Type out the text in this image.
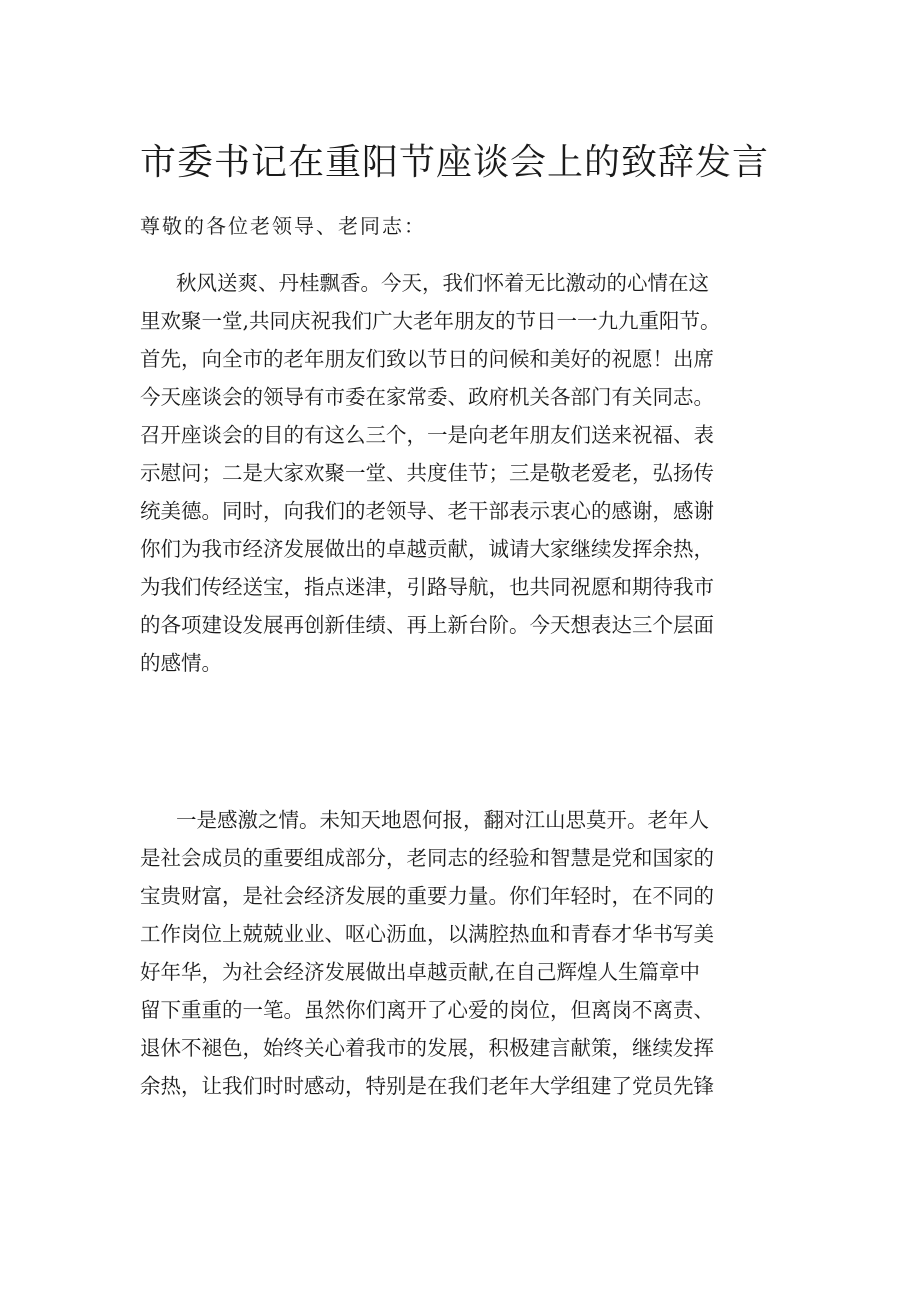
市委书记在重阳节座谈会上的致辞发言

尊敬的各位老领导、老同志：

秋风送爽、丹桂飘香。今天，我们怀着无比激动的心情在这
里欢聚一堂,共同庆祝我们广大老年朋友的节日一一九九重阳节。
首先，向全市的老年朋友们致以节日的问候和美好的祝愿！出席
今天座谈会的领导有市委在家常委、政府机关各部门有关同志。
召开座谈会的目的有这么三个，一是向老年朋友们送来祝福、表
示慰问；二是大家欢聚一堂、共度佳节；三是敬老爱老，弘扬传
统美德。同时，向我们的老领导、老干部表示衷心的感谢，感谢
你们为我市经济发展做出的卓越贡献，诚请大家继续发挥余热，
为我们传经送宝，指点迷津，引路导航，也共同祝愿和期待我市
的各项建设发展再创新佳绩、再上新台阶。今天想表达三个层面
的感情。
一是感激之情。未知天地恩何报，翻对江山思莫开。老年人
是社会成员的重要组成部分，老同志的经验和智慧是党和国家的
宝贵财富，是社会经济发展的重要力量。你们年轻时，在不同的
工作岗位上兢兢业业、呕心沥血，以满腔热血和青春才华书写美
好年华，为社会经济发展做出卓越贡献,在自己辉煌人生篇章中
留下重重的一笔。虽然你们离开了心爱的岗位，但离岗不离责、
退休不褪色，始终关心着我市的发展，积极建言献策，继续发挥
余热，让我们时时感动，特别是在我们老年大学组建了党员先锋
